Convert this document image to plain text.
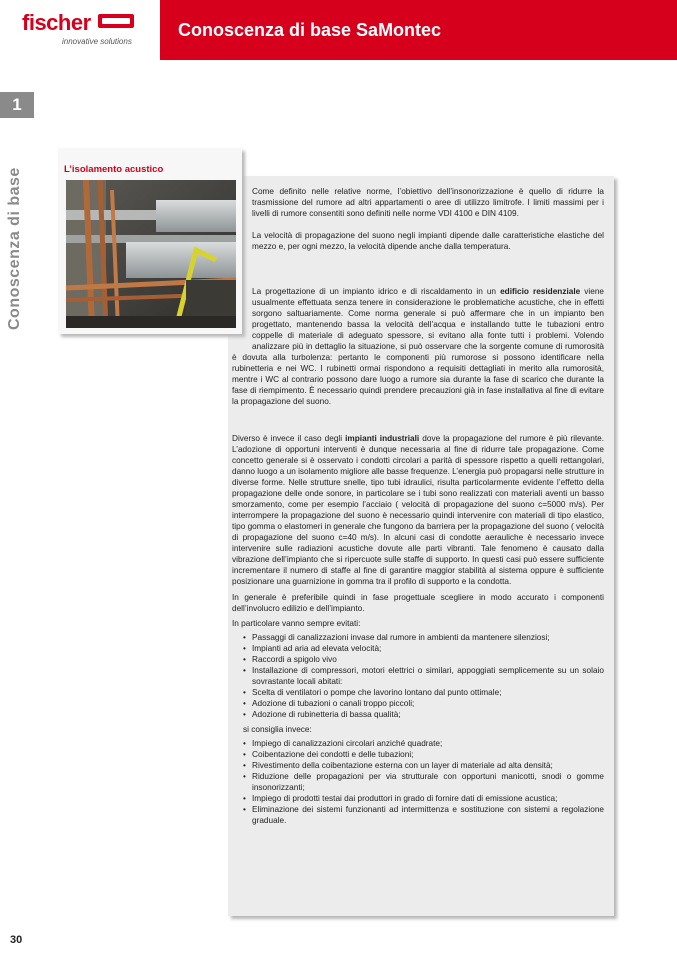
fischer
innovative solutions
Conoscenza di base SaMontec
1
Conoscenza di base	L’isolamento acustico

Come definito nelle relative norme, l’obiettivo dell’insonorizzazione è quello di ridurre la trasmissione del rumore ad altri appartamenti o aree di utilizzo limitrofe. I limiti massimi per i livelli di rumore consentiti sono definiti nelle norme VDI 4100 e DIN 4109.

La velocità di propagazione del suono negli impianti dipende dalle caratteristiche elastiche del mezzo e, per ogni mezzo, la velocità dipende anche dalla temperatura.

La progettazione di un impianto idrico e di riscaldamento in un edificio residenziale viene usualmente effettuata senza tenere in considerazione le problematiche acustiche, che in effetti sorgono saltuariamente. Come norma generale si può affermare che in un impianto ben progettato, mantenendo bassa la velocità dell’acqua e installando tutte le tubazioni entro coppelle di materiale di adeguato spessore, si evitano alla fonte tutti i problemi. Volendo analizzare più in dettaglio la situazione, si può osservare che la sorgente comune di rumorosità è dovuta alla turbolenza: pertanto le componenti più rumorose si possono identificare nella rubinetteria e nei WC. I rubinetti ormai rispondono a requisiti dettagliati in merito alla rumorosità, mentre i WC al contrario possono dare luogo a rumore sia durante la fase di scarico che durante la fase di riempimento. È necessario quindi prendere precauzioni già in fase installativa al fine di evitare la propagazione del suono.

Diverso è invece il caso degli impianti industriali dove la propagazione del rumore è più rilevante. L’adozione di opportuni interventi è dunque necessaria al fine di ridurre tale propagazione. Come concetto generale si è osservato i condotti circolari a parità di spessore rispetto a quelli rettangolari, danno luogo a un isolamento migliore alle basse frequenze. L’energia può propagarsi nelle strutture in diverse forme. Nelle strutture snelle, tipo tubi idraulici, risulta particolarmente evidente l’effetto della propagazione delle onde sonore, in particolare se i tubi sono realizzati con materiali aventi un basso smorzamento, come per esempio l’acciaio ( velocità di propagazione del suono c=5000 m/s). Per interrompere la propagazione del suono è necessario quindi intervenire con materiali di tipo elastico, tipo gomma o elastomeri in generale che fungono da barriera per la propagazione del suono ( velocità di propagazione del suono c=40 m/s). In alcuni casi di condotte aerauliche è necessario invece intervenire sulle radiazioni acustiche dovute alle parti vibranti. Tale fenomeno è causato dalla vibrazione dell’impianto che si ripercuote sulle staffe di supporto. In questi casi può essere sufficiente incrementare il numero di staffe al fine di garantire maggior stabilità al sistema oppure è sufficiente posizionare una guarnizione in gomma tra il profilo di supporto e la condotta.

In generale è preferibile quindi in fase progettuale scegliere in modo accurato i componenti dell’involucro edilizio e dell’impianto.

In particolare vanno sempre evitati:

• Passaggi di canalizzazioni invase dal rumore in ambienti da mantenere silenziosi;
• Impianti ad aria ad elevata velocità;
• Raccordi a spigolo vivo
• Installazione di compressori, motori elettrici o similari, appoggiati semplicemente su un solaio sovrastante locali abitati:
• Scelta di ventilatori o pompe che lavorino lontano dal punto ottimale;
• Adozione di tubazioni o canali troppo piccoli;
• Adozione di rubinetteria di bassa qualità;

si consiglia invece:

• Impiego di canalizzazioni circolari anziché quadrate;
• Coibentazione dei condotti e delle tubazioni;
• Rivestimento della coibentazione esterna con un layer di materiale ad alta densità;
• Riduzione delle propagazioni per via strutturale con opportuni manicotti, snodi o gomme insonorizzanti;
• Impiego di prodotti testai dai produttori in grado di fornire dati di emissione acustica;
• Eliminazione dei sistemi funzionanti ad intermittenza e sostituzione con sistemi a regolazione graduale.
30
